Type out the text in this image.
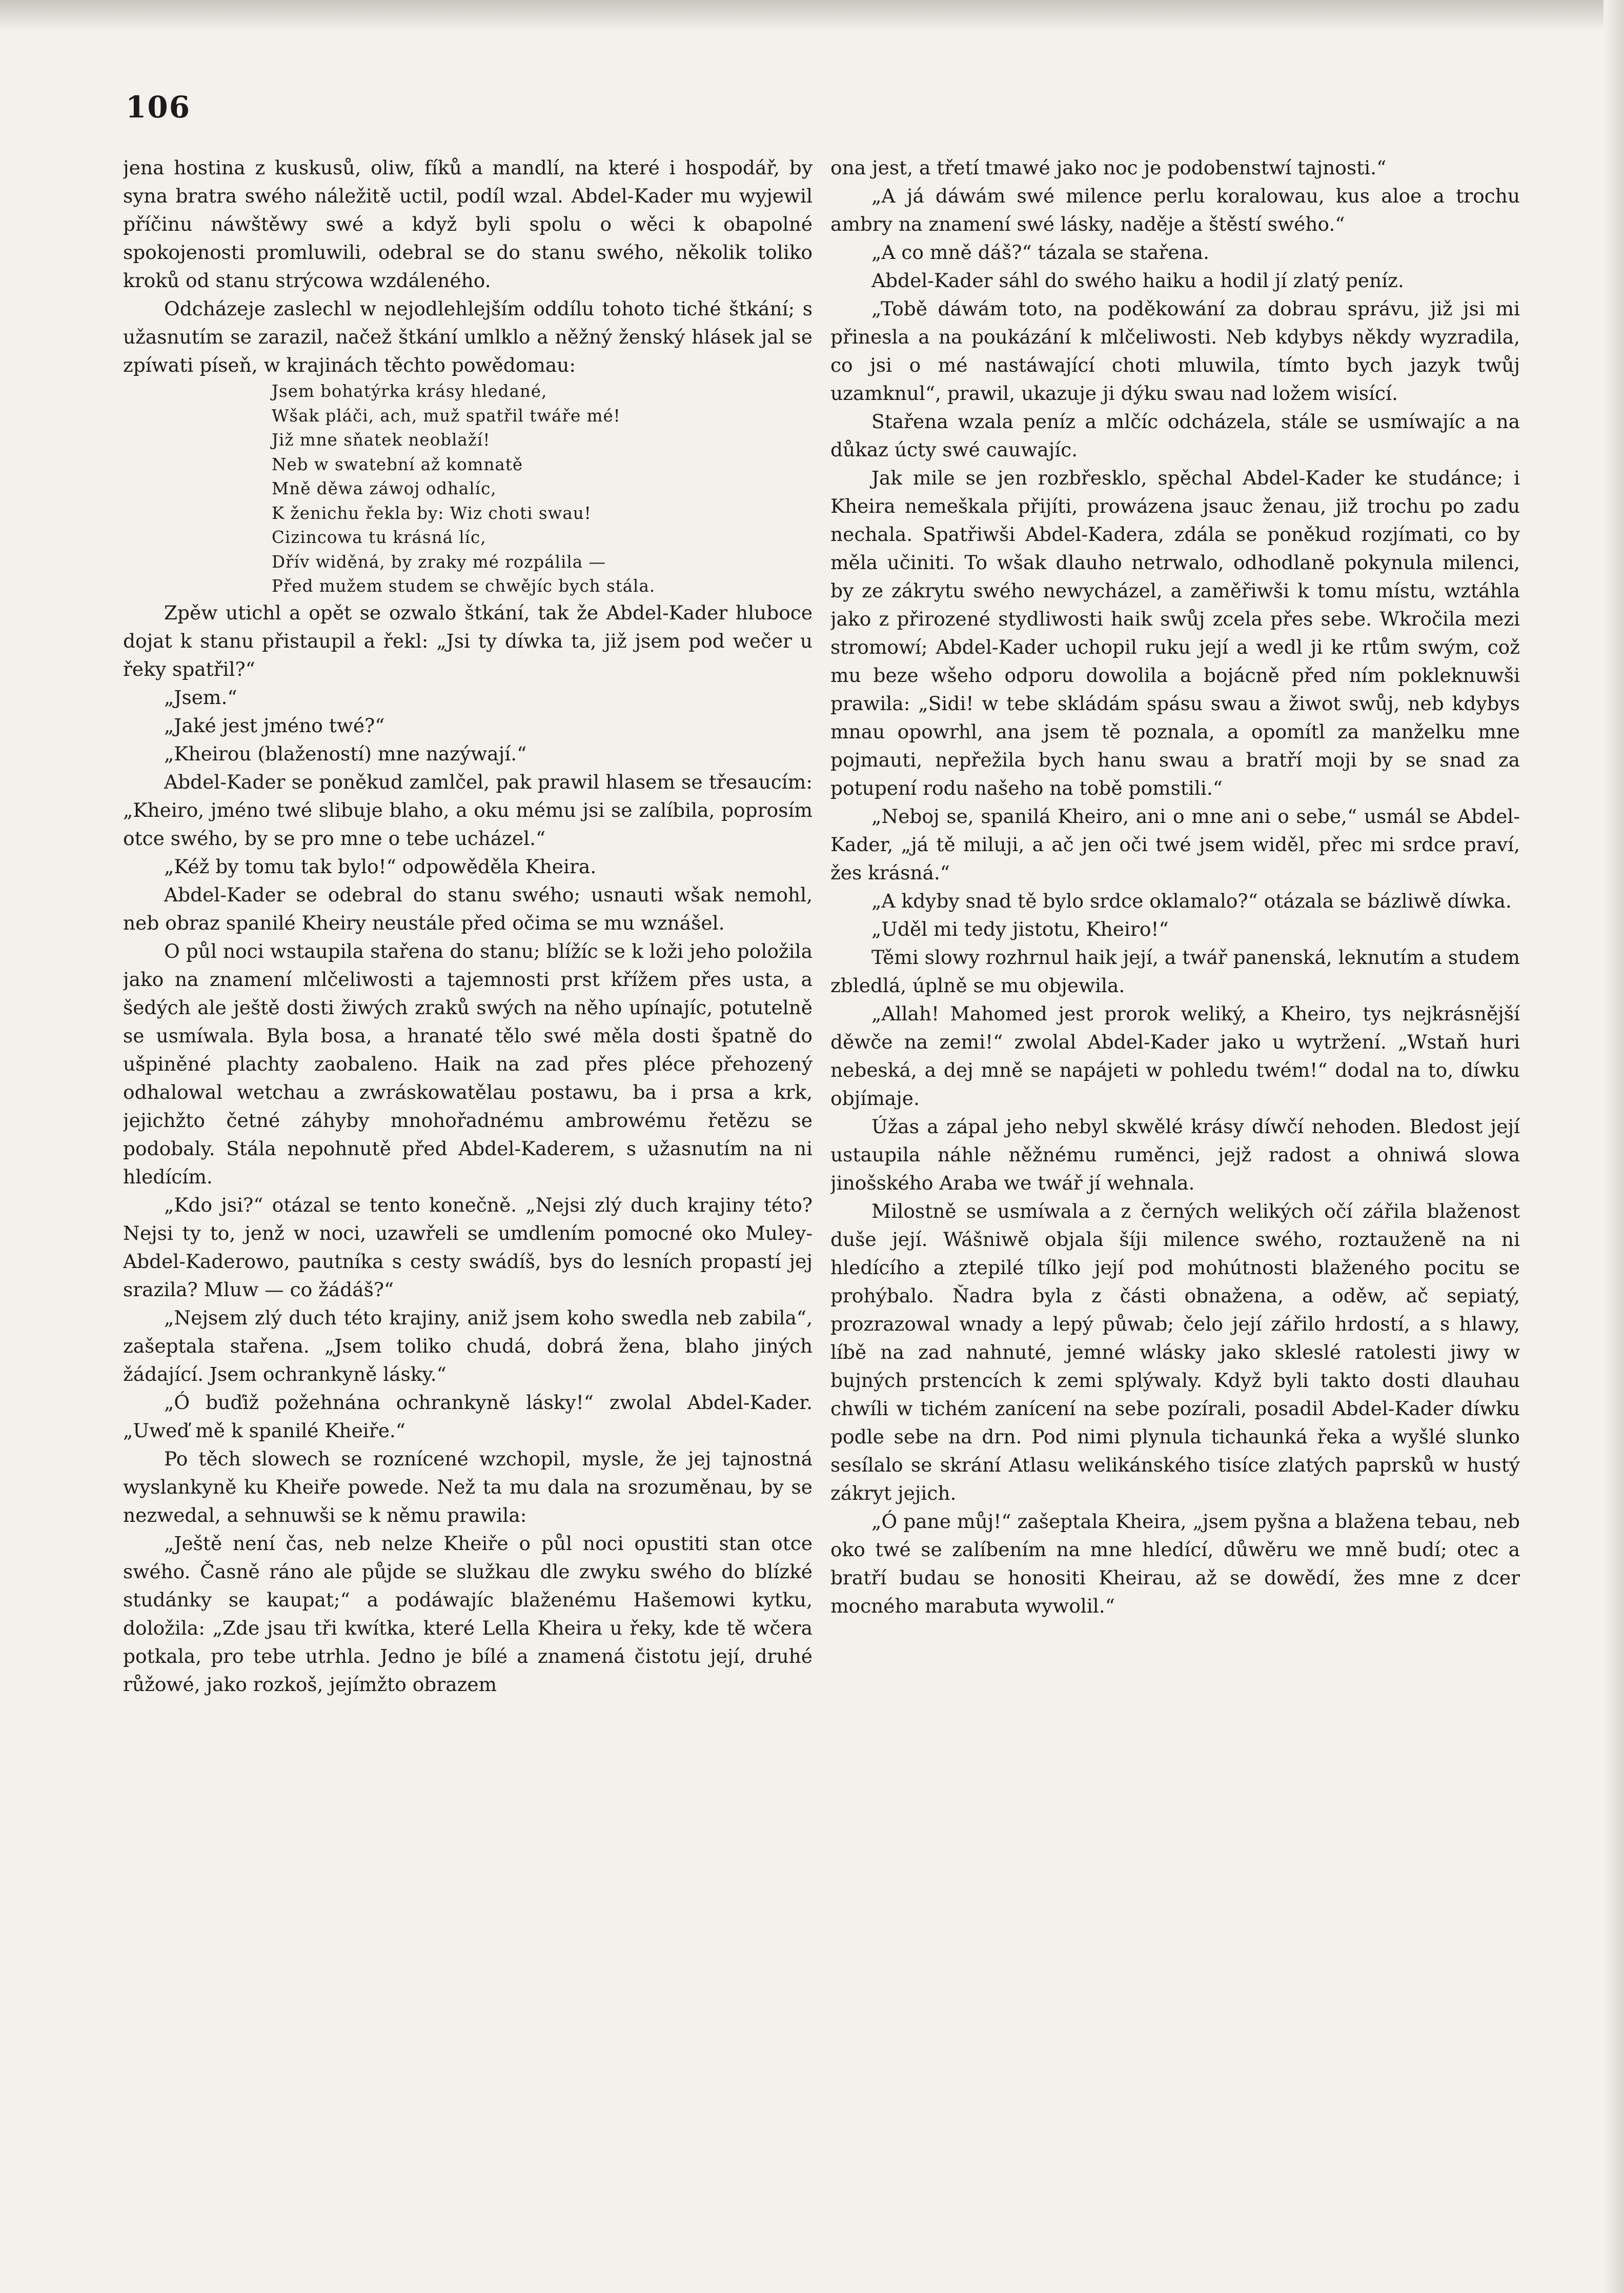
106

jena hostina z kuskusů, oliw, fíků a mandlí, na které i hospodář, by syna bratra swého náležitě uctil, podíl wzal. Abdel-Kader mu wyjewil příčinu náwštěwy swé a když byli spolu o wěci k obapolné spokojenosti promluwili, odebral se do stanu swého, několik toliko kroků od stanu strýcowa wzdáleného.

Odcházeje zaslechl w nejodlehlejším oddílu tohoto tiché štkání; s užasnutím se zarazil, načež štkání umlklo a něžný ženský hlásek jal se zpíwati píseň, w krajinách těchto powědomau:

Jsem bohatýrka krásy hledané,
Wšak pláči, ach, muž spatřil twáře mé!
Již mne sňatek neoblaží!
Neb w swatební až komnatě
Mně děwa záwoj odhalíc,
K ženichu řekla by: Wiz choti swau!
Cizincowa tu krásná líc,
Dřív widěná, by zraky mé rozpálila —
Před mužem studem se chwějíc bych stála.

Zpěw utichl a opět se ozwalo štkání, tak že Abdel-Kader hluboce dojat k stanu přistaupil a řekl: „Jsi ty díwka ta, již jsem pod wečer u řeky spatřil?“

„Jsem.“

„Jaké jest jméno twé?“

„Kheirou (blažeností) mne nazýwají.“

Abdel-Kader se poněkud zamlčel, pak prawil hlasem se třesaucím: „Kheiro, jméno twé slibuje blaho, a oku mému jsi se zalíbila, poprosím otce swého, by se pro mne o tebe ucházel.“

„Kéž by tomu tak bylo!“ odpowěděla Kheira.

Abdel-Kader se odebral do stanu swého; usnauti wšak nemohl, neb obraz spanilé Kheiry neustále před očima se mu wznášel.

O půl noci wstaupila stařena do stanu; blížíc se k loži jeho položila jako na znamení mlčeliwosti a tajemnosti prst křížem přes usta, a šedých ale ještě dosti žiwých zraků swých na něho upínajíc, potutelně se usmíwala. Byla bosa, a hranaté tělo swé měla dosti špatně do ušpiněné plachty zaobaleno. Haik na zad přes pléce přehozený odhalowal wetchau a zwráskowatělau postawu, ba i prsa a krk, jejichžto četné záhyby mnohořadnému ambrowému řetězu se podobaly. Stála nepohnutě před Abdel-Kaderem, s užasnutím na ni hledícím.

„Kdo jsi?“ otázal se tento konečně. „Nejsi zlý duch krajiny této? Nejsi ty to, jenž w noci, uzawřeli se umdlením pomocné oko Muley-Abdel-Kaderowo, pautníka s cesty swádíš, bys do lesních propastí jej srazila? Mluw — co žádáš?“

„Nejsem zlý duch této krajiny, aniž jsem koho swedla neb zabila“, zašeptala stařena. „Jsem toliko chudá, dobrá žena, blaho jiných žádající. Jsem ochrankyně lásky.“

„Ó buďiž požehnána ochrankyně lásky!“ zwolal Abdel-Kader. „Uweď mě k spanilé Kheiře.“

Po těch slowech se roznícené wzchopil, mysle, že jej tajnostná wyslankyně ku Kheiře powede. Než ta mu dala na srozuměnau, by se nezwedal, a sehnuwši se k němu prawila:

„Ještě není čas, neb nelze Kheiře o půl noci opustiti stan otce swého. Časně ráno ale půjde se služkau dle zwyku swého do blízké studánky se kaupat;“ a podáwajíc blaženému Hašemowi kytku, doložila: „Zde jsau tři kwítka, které Lella Kheira u řeky, kde tě wčera potkala, pro tebe utrhla. Jedno je bílé a znamená čistotu její, druhé růžowé, jako rozkoš, jejímžto obrazem

ona jest, a třetí tmawé jako noc je podobenstwí tajnosti.“

„A já dáwám swé milence perlu koralowau, kus aloe a trochu ambry na znamení swé lásky, naděje a štěstí swého.“

„A co mně dáš?“ tázala se stařena.

Abdel-Kader sáhl do swého haiku a hodil jí zlatý peníz.

„Tobě dáwám toto, na poděkowání za dobrau správu, již jsi mi přinesla a na poukázání k mlčeliwosti. Neb kdybys někdy wyzradila, co jsi o mé nastáwající choti mluwila, tímto bych jazyk twůj uzamknul“, prawil, ukazuje ji dýku swau nad ložem wisící.

Stařena wzala peníz a mlčíc odcházela, stále se usmíwajíc a na důkaz úcty swé cauwajíc.

Jak mile se jen rozbřesklo, spěchal Abdel-Kader ke studánce; i Kheira nemeškala přijíti, prowázena jsauc ženau, již trochu po zadu nechala. Spatřiwši Abdel-Kadera, zdála se poněkud rozjímati, co by měla učiniti. To wšak dlauho netrwalo, odhodlaně pokynula milenci, by ze zákrytu swého newycházel, a zaměřiwši k tomu místu, wztáhla jako z přirozené stydliwosti haik swůj zcela přes sebe. Wkročila mezi stromowí; Abdel-Kader uchopil ruku její a wedl ji ke rtům swým, což mu beze wšeho odporu dowolila a bojácně před ním pokleknuwši prawila: „Sidi! w tebe skládám spásu swau a žiwot swůj, neb kdybys mnau opowrhl, ana jsem tě poznala, a opomítl za manželku mne pojmauti, nepřežila bych hanu swau a bratří moji by se snad za potupení rodu našeho na tobě pomstili.“

„Neboj se, spanilá Kheiro, ani o mne ani o sebe,“ usmál se Abdel-Kader, „já tě miluji, a ač jen oči twé jsem widěl, přec mi srdce praví, žes krásná.“

„A kdyby snad tě bylo srdce oklamalo?“ otázala se bázliwě díwka.

„Uděl mi tedy jistotu, Kheiro!“

Těmi slowy rozhrnul haik její, a twář panenská, leknutím a studem zbledlá, úplně se mu objewila.

„Allah! Mahomed jest prorok weliký, a Kheiro, tys nejkrásnější děwče na zemi!“ zwolal Abdel-Kader jako u wytržení. „Wstaň huri nebeská, a dej mně se napájeti w pohledu twém!“ dodal na to, díwku objímaje.

Úžas a zápal jeho nebyl skwělé krásy díwčí nehoden. Bledost její ustaupila náhle něžnému ruměnci, jejž radost a ohniwá slowa jinošského Araba we twář jí wehnala.

Milostně se usmíwala a z černých welikých očí zářila blaženost duše její. Wášniwě objala šíji milence swého, roztauženě na ni hledícího a ztepilé tílko její pod mohútnosti blaženého pocitu se prohýbalo. Ňadra byla z části obnažena, a oděw, ač sepiatý, prozrazowal wnady a lepý půwab; čelo její zářilo hrdostí, a s hlawy, líbě na zad nahnuté, jemné wlásky jako skleslé ratolesti jiwy w bujných prstencích k zemi splýwaly. Když byli takto dosti dlauhau chwíli w tichém zanícení na sebe pozírali, posadil Abdel-Kader díwku podle sebe na drn. Pod nimi plynula tichaunká řeka a wyšlé slunko sesílalo se skrání Atlasu welikánského tisíce zlatých paprsků w hustý zákryt jejich.

„Ó pane můj!“ zašeptala Kheira, „jsem pyšna a blažena tebau, neb oko twé se zalíbením na mne hledící, důwěru we mně budí; otec a bratří budau se honositi Kheirau, až se dowědí, žes mne z dcer mocného marabuta wywolil.“
